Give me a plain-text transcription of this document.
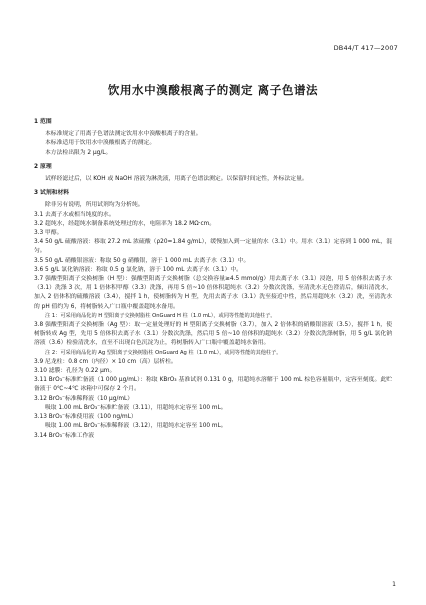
DB44/T 417—2007
饮用水中溴酸根离子的测定 离子色谱法
1 范围

本标准规定了用离子色谱法测定饮用水中溴酸根离子的含量。

本标准适用于饮用水中溴酸根离子的测定。

本方法检出限为 2 μg/L。

2 原理

试样经滤过后，以 KOH 或 NaOH 溶液为淋洗液，用离子色谱法测定。以保留时间定性，外标法定量。

3 试剂和材料

除非另有说明，所用试剂均为分析纯。

3.1 去离子水或相当纯度的水。

3.2 超纯水，经超纯水制备系统处理过的水，电阻率为 18.2 MΩ·cm。

3.3 甲醇。

3.4 50 g/L 硫酸溶液：移取 27.2 mL 浓硫酸（ρ20=1.84 g/mL），缓慢加入到一定量的水（3.1）中。用水（3.1）定容到 1 000 mL，混匀。

3.5 50 g/L 硝酸银溶液：称取 50 g 硝酸银，溶于 1 000 mL 去离子水（3.1）中。

3.6 5 g/L 氯化钠溶液：称取 0.5 g 氯化钠，溶于 100 mL 去离子水（3.1）中。

3.7 强酸型阳离子交换树脂（H 型）：强酸型阳离子交换树脂（总交换容量≥4.5 mmol/g）用去离子水（3.1）浸泡，用 5 倍体积去离子水（3.1）洗涤 3 次，用 1 倍体积甲醇（3.3）洗涤，再用 5 倍~10 倍体积超纯水（3.2）分数次洗涤，至清洗水无色澄清后，倾出清洗水，加入 2 倍体积的硫酸溶液（3.4），搅拌 1 h，使树脂转为 H 型，先用去离子水（3.1）洗至接近中性，然后用超纯水（3.2）洗，至清洗水的 pH 值约为 6，将树脂转入广口瓶中覆盖超纯水备用。

注 1：可采用商品化的 H 型阳离子交换树脂柱 OnGuard H 柱（1.0 mL），或同等性能的其他柱子。

3.8 强酸型阳离子交换树脂（Ag 型）：取一定量处理好的 H 型阳离子交换树脂（3.7），加入 2 倍体积的硝酸银溶液（3.5），搅拌 1 h，使树脂转成 Ag 型，先用 5 倍体积去离子水（3.1）分数次洗涤，然后用 5 倍~10 倍体积的超纯水（3.2）分数次洗涤树脂，用 5 g/L 氯化钠溶液（3.6）检验清洗水，直至不出现白色沉淀为止，将树脂转入广口瓶中覆盖超纯水备用。

注 2：可采用商品化的 Ag 型阳离子交换树脂柱 OnGuard Ag 柱（1.0 mL），或同等性能的其他柱子。

3.9 尼龙柱：0.8 cm（内径）× 10 cm（高）层析柱。

3.10 滤膜：孔径为 0.22 μm。

3.11 BrO₃⁻标准贮备液（1 000 μg/mL）：称取 KBrO₃ 基准试剂 0.131 0 g，用超纯水溶解于 100 mL 棕色容量瓶中，定容至刻度。此贮备液于 0℃~4℃ 冰箱中可保存 2 个月。

3.12 BrO₃⁻标准稀释液（10 μg/mL）

吸取 1.00 mL BrO₃⁻标准贮备液（3.11），用超纯水定容至 100 mL。

3.13 BrO₃⁻标准使用液（100 ng/mL）

吸取 1.00 mL BrO₃⁻标准稀释液（3.12），用超纯水定容至 100 mL。

3.14 BrO₃⁻标准工作液

1
